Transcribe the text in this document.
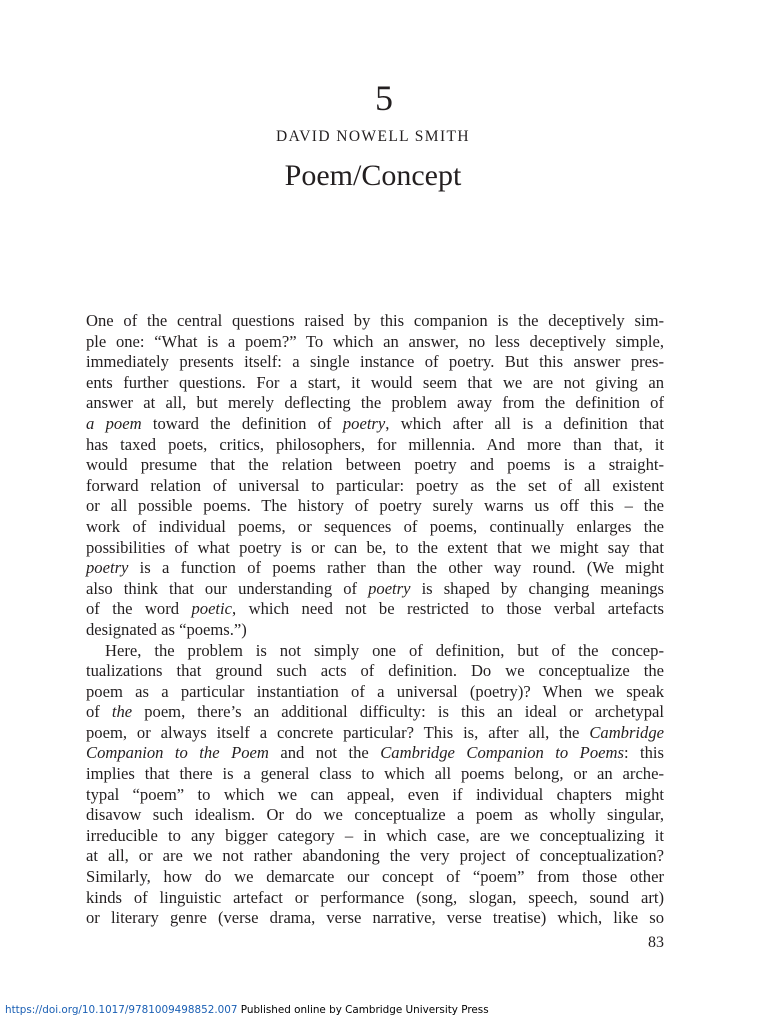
5
DAVID NOWELL SMITH
Poem/Concept
One of the central questions raised by this companion is the deceptively sim-
ple one: “What is a poem?” To which an answer, no less deceptively simple,
immediately presents itself: a single instance of poetry. But this answer pres-
ents further questions. For a start, it would seem that we are not giving an
answer at all, but merely deflecting the problem away from the definition of
a poem toward the definition of poetry, which after all is a definition that
has taxed poets, critics, philosophers, for millennia. And more than that, it
would presume that the relation between poetry and poems is a straight-
forward relation of universal to particular: poetry as the set of all existent
or all possible poems. The history of poetry surely warns us off this – the
work of individual poems, or sequences of poems, continually enlarges the
possibilities of what poetry is or can be, to the extent that we might say that
poetry is a function of poems rather than the other way round. (We might
also think that our understanding of poetry is shaped by changing meanings
of the word poetic, which need not be restricted to those verbal artefacts
designated as “poems.”)
Here, the problem is not simply one of definition, but of the concep-
tualizations that ground such acts of definition. Do we conceptualize the
poem as a particular instantiation of a universal (poetry)? When we speak
of the poem, there’s an additional difficulty: is this an ideal or archetypal
poem, or always itself a concrete particular? This is, after all, the Cambridge
Companion to the Poem and not the Cambridge Companion to Poems: this
implies that there is a general class to which all poems belong, or an arche-
typal “poem” to which we can appeal, even if individual chapters might
disavow such idealism. Or do we conceptualize a poem as wholly singular,
irreducible to any bigger category – in which case, are we conceptualizing it
at all, or are we not rather abandoning the very project of conceptualization?
Similarly, how do we demarcate our concept of “poem” from those other
kinds of linguistic artefact or performance (song, slogan, speech, sound art)
or literary genre (verse drama, verse narrative, verse treatise) which, like so
83
https://doi.org/10.1017/9781009498852.007 Published online by Cambridge University Press
